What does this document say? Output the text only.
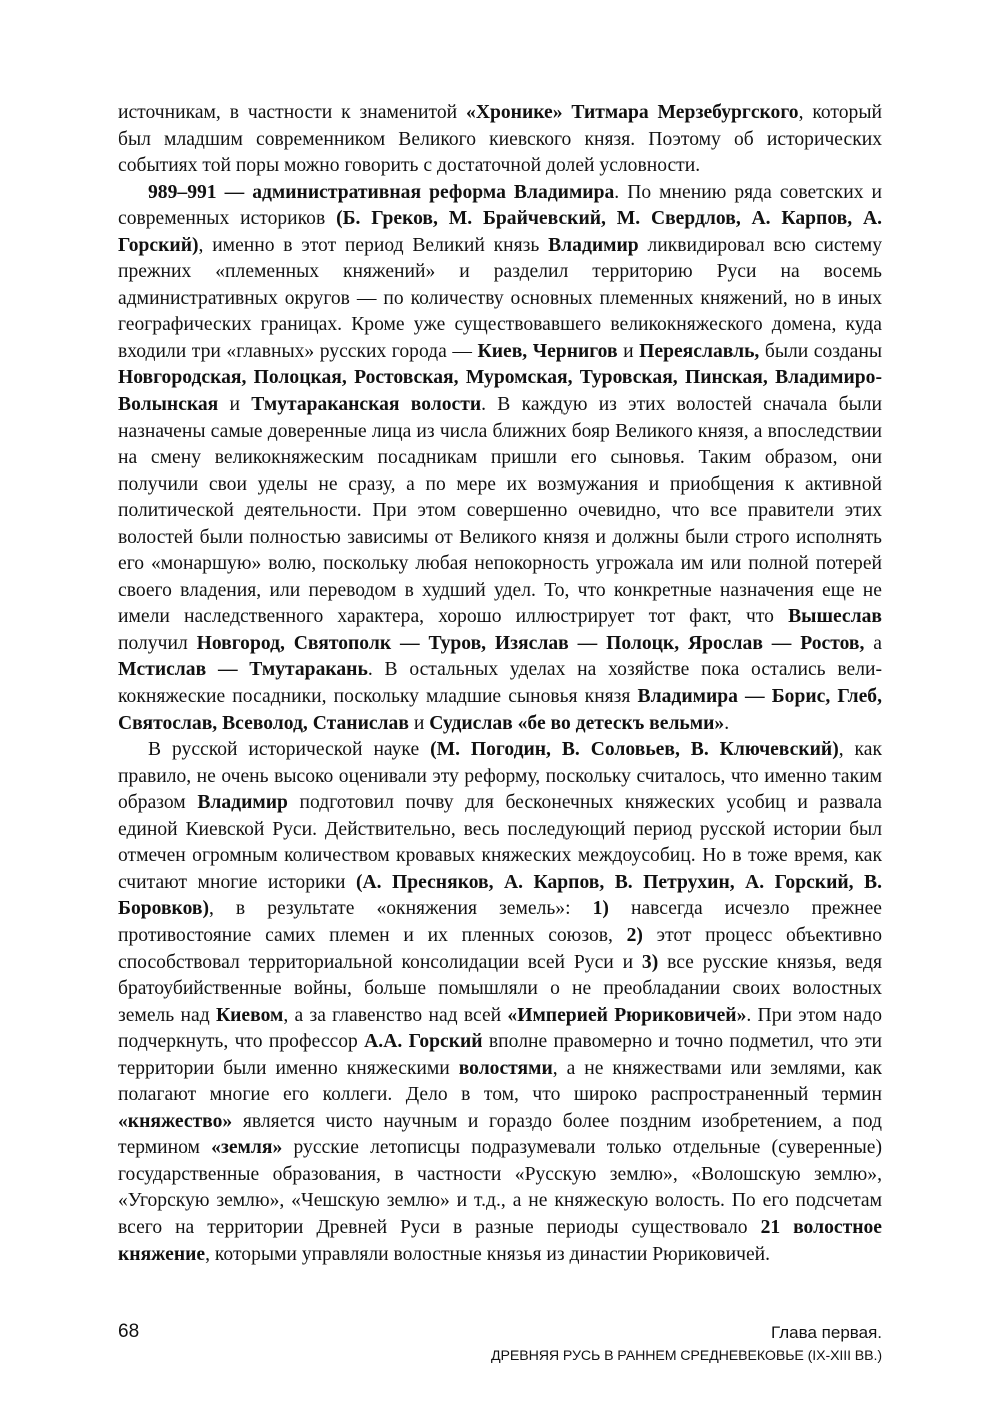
источникам, в частности к знаменитой «Хронике» Титмара Мерзебургского, который был младшим современником Великого киевского князя. Поэтому об исторических событиях той поры можно говорить с достаточной долей условности.

989–991 — административная реформа Владимира. По мнению ряда советских и современных историков (Б. Греков, М. Брайчевский, М. Свердлов, А. Карпов, А. Горский), именно в этот период Великий князь Владимир ликвидировал всю систему прежних «племенных княжений» и разделил территорию Руси на восемь административных округов — по количеству основных племенных княжений, но в иных географических границах. Кроме уже существовавшего великокняжеского домена, куда входили три «главных» русских города — Киев, Чернигов и Переяславль, были созданы Новгородская, Полоцкая, Ростовская, Муромская, Туровская, Пинская, Владимиро-Волынская и Тмутараканская волости. В каждую из этих волостей сначала были назначены самые доверенные лица из числа ближних бояр Великого князя, а впоследствии на смену великокняжеским посадникам пришли его сыновья. Таким образом, они получили свои уделы не сразу, а по мере их возмужания и приобщения к активной политической деятельности. При этом совершенно очевидно, что все правители этих волостей были полностью зависимы от Великого князя и должны были строго исполнять его «монаршую» волю, поскольку любая непокорность угрожала им или полной потерей своего владения, или переводом в худший удел. То, что конкретные назначения еще не имели наследственного характера, хорошо иллюстрирует тот факт, что Вышеслав получил Новгород, Святополк — Туров, Изяслав — Полоцк, Ярослав — Ростов, а Мстислав — Тмутаракань. В остальных уделах на хозяйстве пока остались великокняжеские посадники, поскольку младшие сыновья князя Владимира — Борис, Глеб, Святослав, Всеволод, Станислав и Судислав «бе во детескъ вельми».

В русской исторической науке (М. Погодин, В. Соловьев, В. Ключевский), как правило, не очень высоко оценивали эту реформу, поскольку считалось, что именно таким образом Владимир подготовил почву для бесконечных княжеских усобиц и развала единой Киевской Руси. Действительно, весь последующий период русской истории был отмечен огромным количеством кровавых княжеских междоусобиц. Но в тоже время, как считают многие историки (А. Пресняков, А. Карпов, В. Петрухин, А. Горский, В. Боровков), в результате «окняжения земель»: 1) навсегда исчезло прежнее противостояние самих племен и их пленных союзов, 2) этот процесс объективно способствовал территориальной консолидации всей Руси и 3) все русские князья, ведя братоубийственные войны, больше помышляли о не преобладании своих волостных земель над Киевом, а за главенство над всей «Империей Рюриковичей». При этом надо подчеркнуть, что профессор А.А. Горский вполне правомерно и точно подметил, что эти территории были именно княжескими волостями, а не княжествами или землями, как полагают многие его коллеги. Дело в том, что широко распространенный термин «княжество» является чисто научным и гораздо более поздним изобретением, а под термином «земля» русские летописцы подразумевали только отдельные (суверенные) государственные образования, в частности «Русскую землю», «Волошскую землю», «Угорскую землю», «Чешскую землю» и т.д., а не княжескую волость. По его подсчетам всего на территории Древней Руси в разные периоды существовало 21 волостное княжение, которыми управляли волостные князья из династии Рюриковичей.

68	Глава первая.
ДРЕВНЯЯ РУСЬ В РАННЕМ СРЕДНЕВЕКОВЬЕ (IX-XIII ВВ.)
